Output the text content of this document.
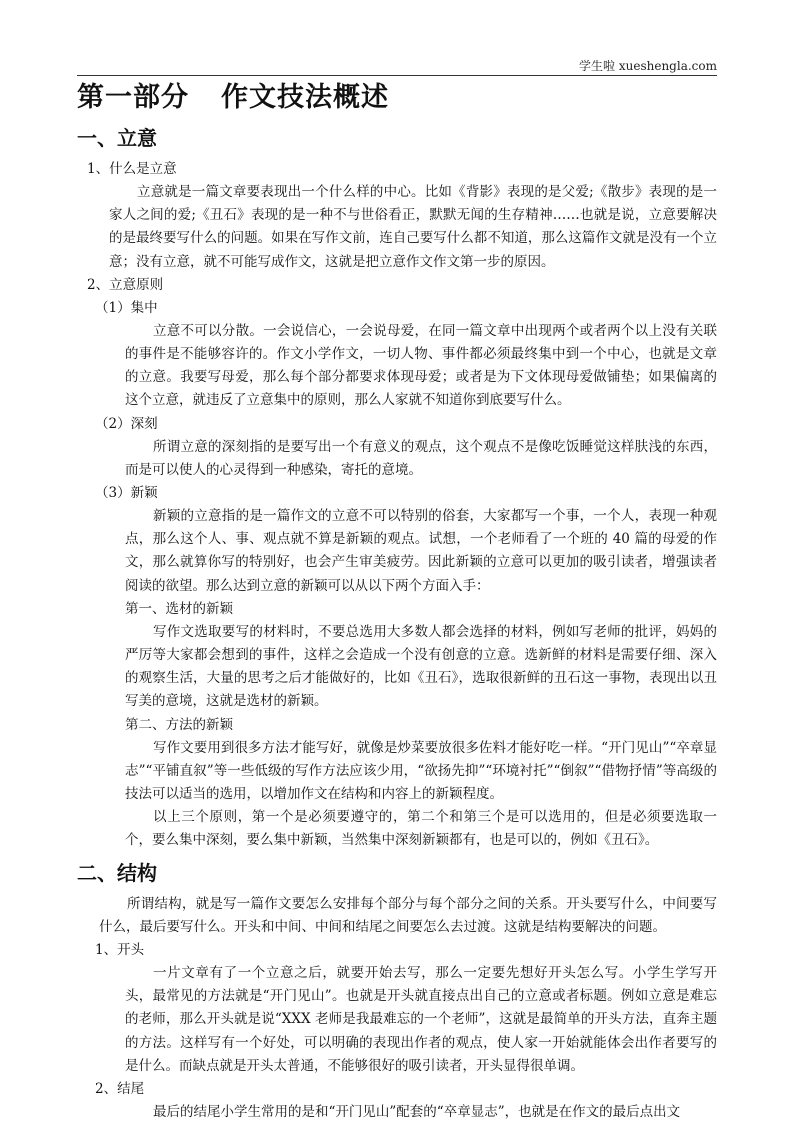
学生啦 xueshengla.com
第一部分 作文技法概述
一、立意

1、什么是立意

立意就是一篇文章要表现出一个什么样的中心。比如《背影》表现的是父爱;《散步》表现的是一家人之间的爱;《丑石》表现的是一种不与世俗看正，默默无闻的生存精神……也就是说，立意要解决的是最终要写什么的问题。如果在写作文前，连自己要写什么都不知道，那么这篇作文就是没有一个立意；没有立意，就不可能写成作文，这就是把立意作文作文第一步的原因。

2、立意原则

（1）集中

立意不可以分散。一会说信心，一会说母爱，在同一篇文章中出现两个或者两个以上没有关联的事件是不能够容许的。作文小学作文，一切人物、事件都必须最终集中到一个中心，也就是文章的立意。我要写母爱，那么每个部分都要求体现母爱；或者是为下文体现母爱做铺垫；如果偏离的这个立意，就违反了立意集中的原则，那么人家就不知道你到底要写什么。

（2）深刻

所谓立意的深刻指的是要写出一个有意义的观点，这个观点不是像吃饭睡觉这样肤浅的东西，而是可以使人的心灵得到一种感染，寄托的意境。

（3）新颖

新颖的立意指的是一篇作文的立意不可以特别的俗套，大家都写一个事，一个人，表现一种观点，那么这个人、事、观点就不算是新颖的观点。试想，一个老师看了一个班的 40 篇的母爱的作文，那么就算你写的特别好，也会产生审美疲劳。因此新颖的立意可以更加的吸引读者，增强读者阅读的欲望。那么达到立意的新颖可以从以下两个方面入手：

第一、选材的新颖

写作文选取要写的材料时，不要总选用大多数人都会选择的材料，例如写老师的批评，妈妈的严厉等大家都会想到的事件，这样之会造成一个没有创意的立意。选新鲜的材料是需要仔细、深入的观察生活，大量的思考之后才能做好的，比如《丑石》，选取很新鲜的丑石这一事物，表现出以丑写美的意境，这就是选材的新颖。

第二、方法的新颖

写作文要用到很多方法才能写好，就像是炒菜要放很多佐料才能好吃一样。“开门见山”“卒章显志”“平铺直叙”等一些低级的写作方法应该少用，“欲扬先抑”“环境衬托”“倒叙”“借物抒情”等高级的技法可以适当的选用，以增加作文在结构和内容上的新颖程度。

以上三个原则，第一个是必须要遵守的，第二个和第三个是可以选用的，但是必须要选取一个，要么集中深刻，要么集中新颖，当然集中深刻新颖都有，也是可以的，例如《丑石》。

二、结构

所谓结构，就是写一篇作文要怎么安排每个部分与每个部分之间的关系。开头要写什么，中间要写什么，最后要写什么。开头和中间、中间和结尾之间要怎么去过渡。这就是结构要解决的问题。

1、开头

一片文章有了一个立意之后，就要开始去写，那么一定要先想好开头怎么写。小学生学写开头，最常见的方法就是“开门见山”。也就是开头就直接点出自己的立意或者标题。例如立意是难忘的老师，那么开头就是说“XXX 老师是我最难忘的一个老师”，这就是最简单的开头方法，直奔主题的方法。这样写有一个好处，可以明确的表现出作者的观点，使人家一开始就能体会出作者要写的是什么。而缺点就是开头太普通，不能够很好的吸引读者，开头显得很单调。

2、结尾

最后的结尾小学生常用的是和“开门见山”配套的“卒章显志”，也就是在作文的最后点出文
